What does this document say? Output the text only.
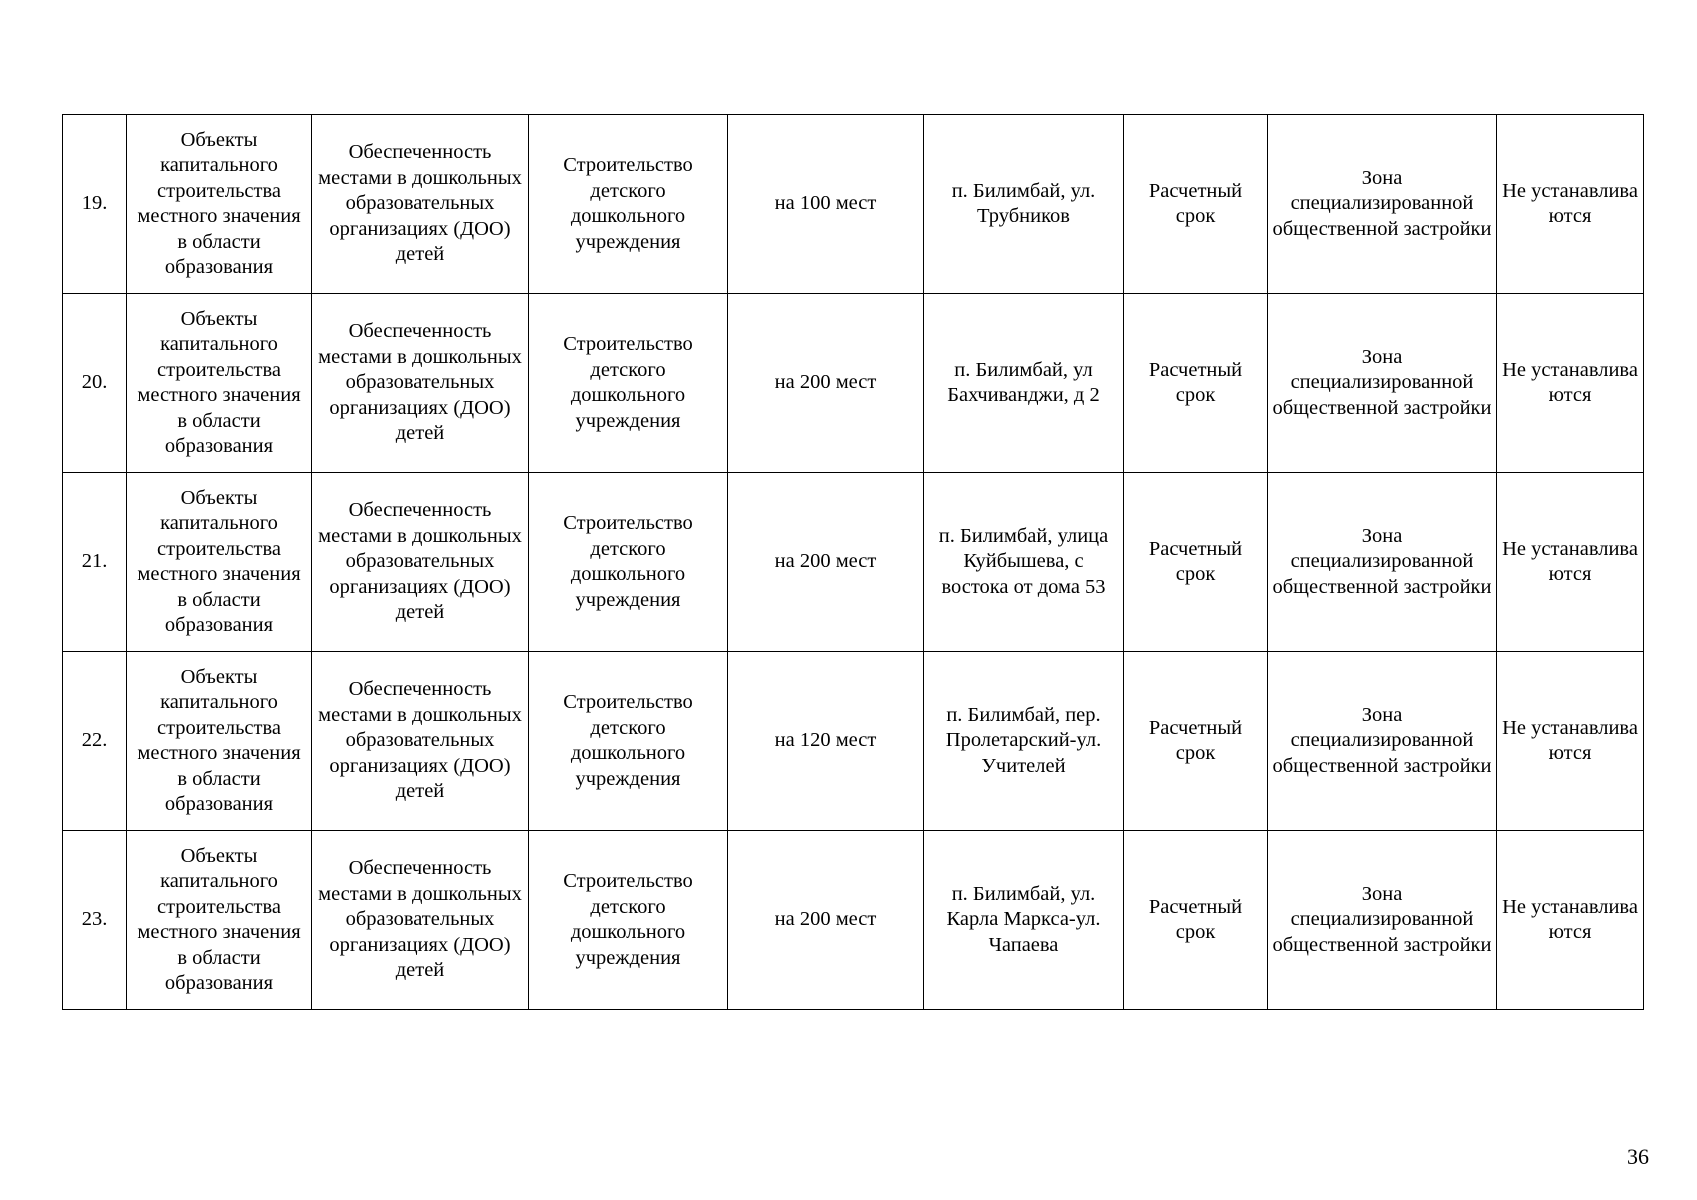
19.	Объекты капитального строительства местного значения в области образования	Обеспеченность местами в дошкольных образовательных организациях (ДОО) детей	Строительство детского дошкольного учреждения	на 100 мест	п. Билимбай, ул. Трубников	Расчетный срок	Зона специализированной общественной застройки	Не устанавлива ются
20.	Объекты капитального строительства местного значения в области образования	Обеспеченность местами в дошкольных образовательных организациях (ДОО) детей	Строительство детского дошкольного учреждения	на 200 мест	п. Билимбай, ул Бахчиванджи, д 2	Расчетный срок	Зона специализированной общественной застройки	Не устанавлива ются
21.	Объекты капитального строительства местного значения в области образования	Обеспеченность местами в дошкольных образовательных организациях (ДОО) детей	Строительство детского дошкольного учреждения	на 200 мест	п. Билимбай, улица Куйбышева, с востока от дома 53	Расчетный срок	Зона специализированной общественной застройки	Не устанавлива ются
22.	Объекты капитального строительства местного значения в области образования	Обеспеченность местами в дошкольных образовательных организациях (ДОО) детей	Строительство детского дошкольного учреждения	на 120 мест	п. Билимбай, пер. Пролетарский-ул. Учителей	Расчетный срок	Зона специализированной общественной застройки	Не устанавлива ются
23.	Объекты капитального строительства местного значения в области образования	Обеспеченность местами в дошкольных образовательных организациях (ДОО) детей	Строительство детского дошкольного учреждения	на 200 мест	п. Билимбай, ул. Карла Маркса-ул. Чапаева	Расчетный срок	Зона специализированной общественной застройки	Не устанавлива ются
36
